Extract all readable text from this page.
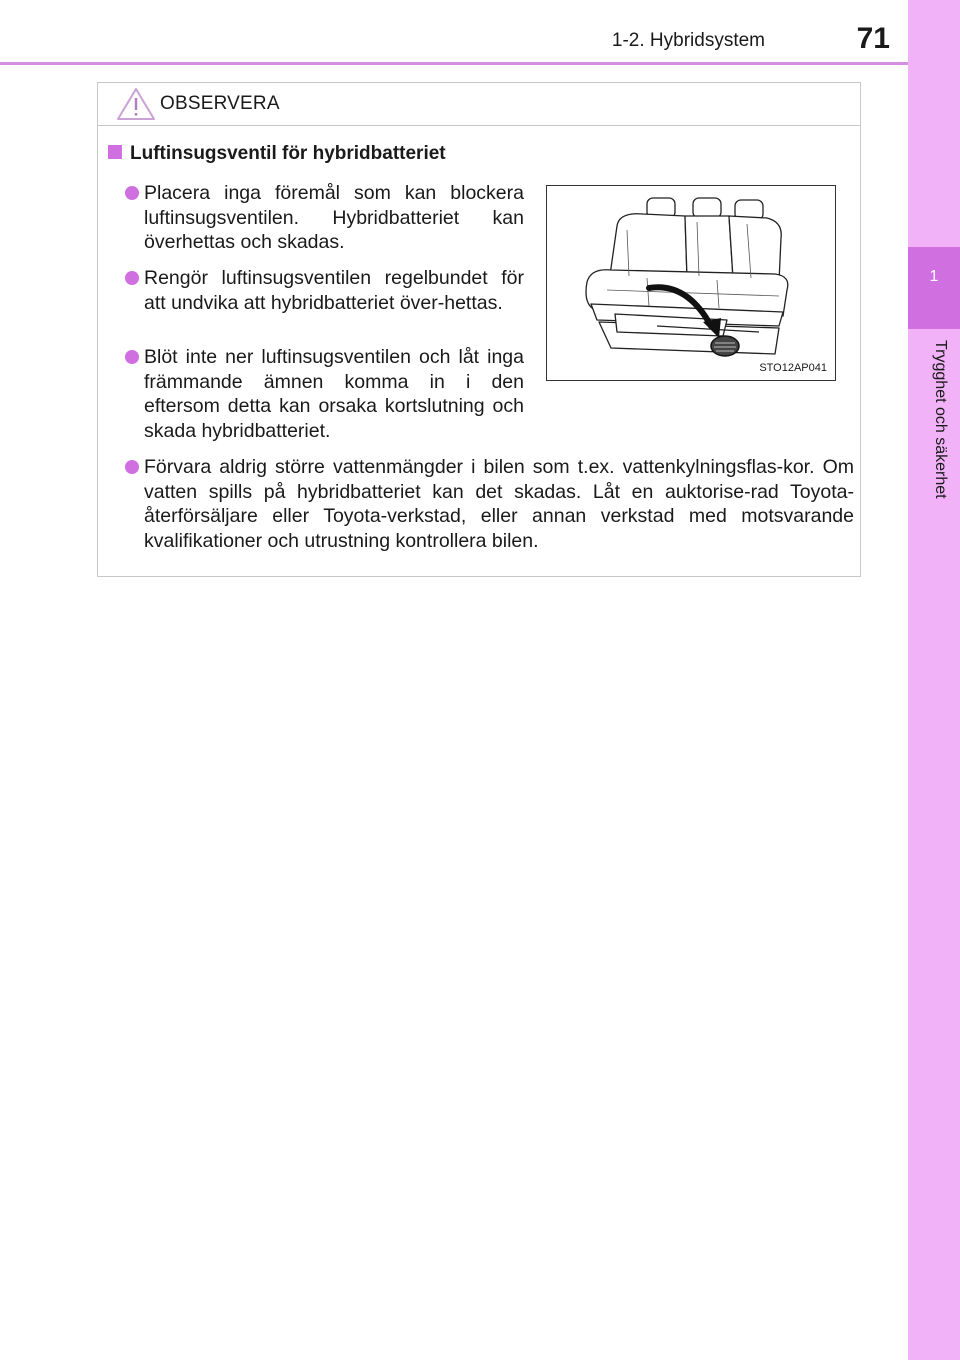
1-2. Hybridsystem	71
1
Trygghet och säkerhet
OBSERVERA
Luftinsugsventil för hybridbatteriet
Placera inga föremål som kan blockera luftinsugsventilen. Hybridbatteriet kan överhettas och skadas.
Rengör luftinsugsventilen regelbundet för att undvika att hybridbatteriet över-hettas.
Blöt inte ner luftinsugsventilen och låt inga främmande ämnen komma in i den eftersom detta kan orsaka kortslutning och skada hybridbatteriet.
Förvara aldrig större vattenmängder i bilen som t.ex. vattenkylningsflas-kor. Om vatten spills på hybridbatteriet kan det skadas. Låt en auktorise-rad Toyota-återförsäljare eller Toyota-verkstad, eller annan verkstad med motsvarande kvalifikationer och utrustning kontrollera bilen.
STO12AP041
